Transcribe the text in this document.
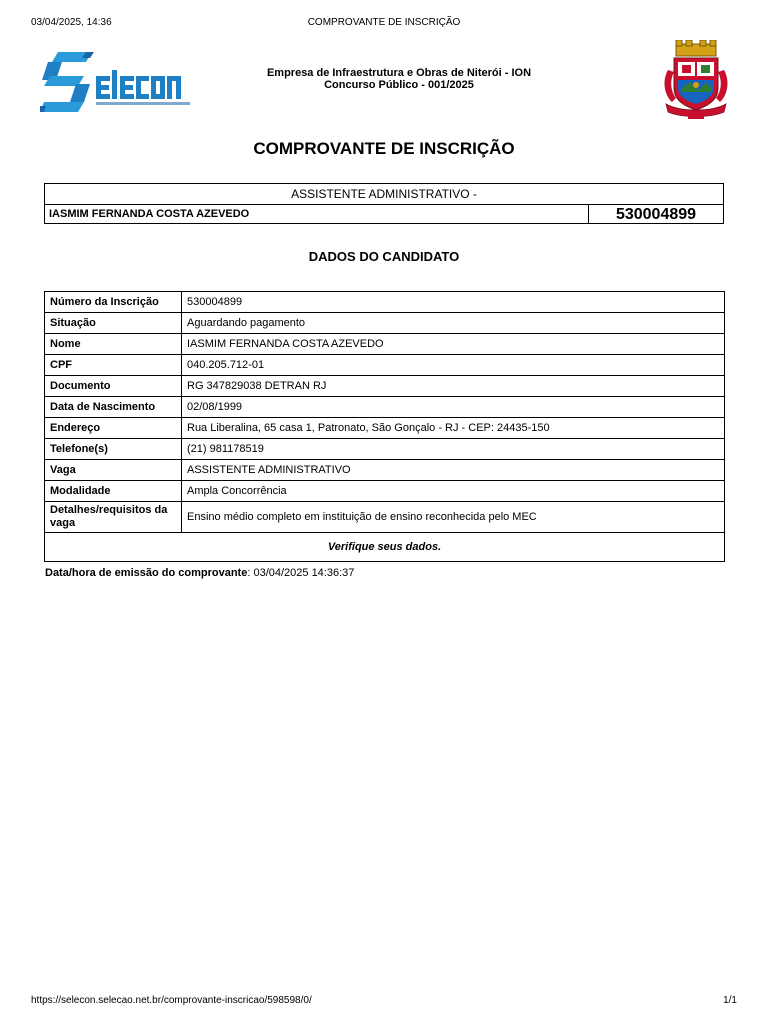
03/04/2025, 14:36	COMPROVANTE DE INSCRIÇÃO
Empresa de Infraestrutura e Obras de Niterói - ION
Concurso Público - 001/2025
COMPROVANTE DE INSCRIÇÃO
ASSISTENTE ADMINISTRATIVO -
IASMIM FERNANDA COSTA AZEVEDO	530004899
DADOS DO CANDIDATO
Número da Inscrição	530004899
Situação	Aguardando pagamento
Nome	IASMIM FERNANDA COSTA AZEVEDO
CPF	040.205.712-01
Documento	RG 347829038 DETRAN RJ
Data de Nascimento	02/08/1999
Endereço	Rua Liberalina, 65 casa 1, Patronato, São Gonçalo - RJ - CEP: 24435-150
Telefone(s)	(21) 981178519
Vaga	ASSISTENTE ADMINISTRATIVO
Modalidade	Ampla Concorrência
Detalhes/requisitos da vaga	Ensino médio completo em instituição de ensino reconhecida pelo MEC
Verifique seus dados.	
Data/hora de emissão do comprovante: 03/04/2025 14:36:37
https://selecon.selecao.net.br/comprovante-inscricao/598598/0/	1/1
